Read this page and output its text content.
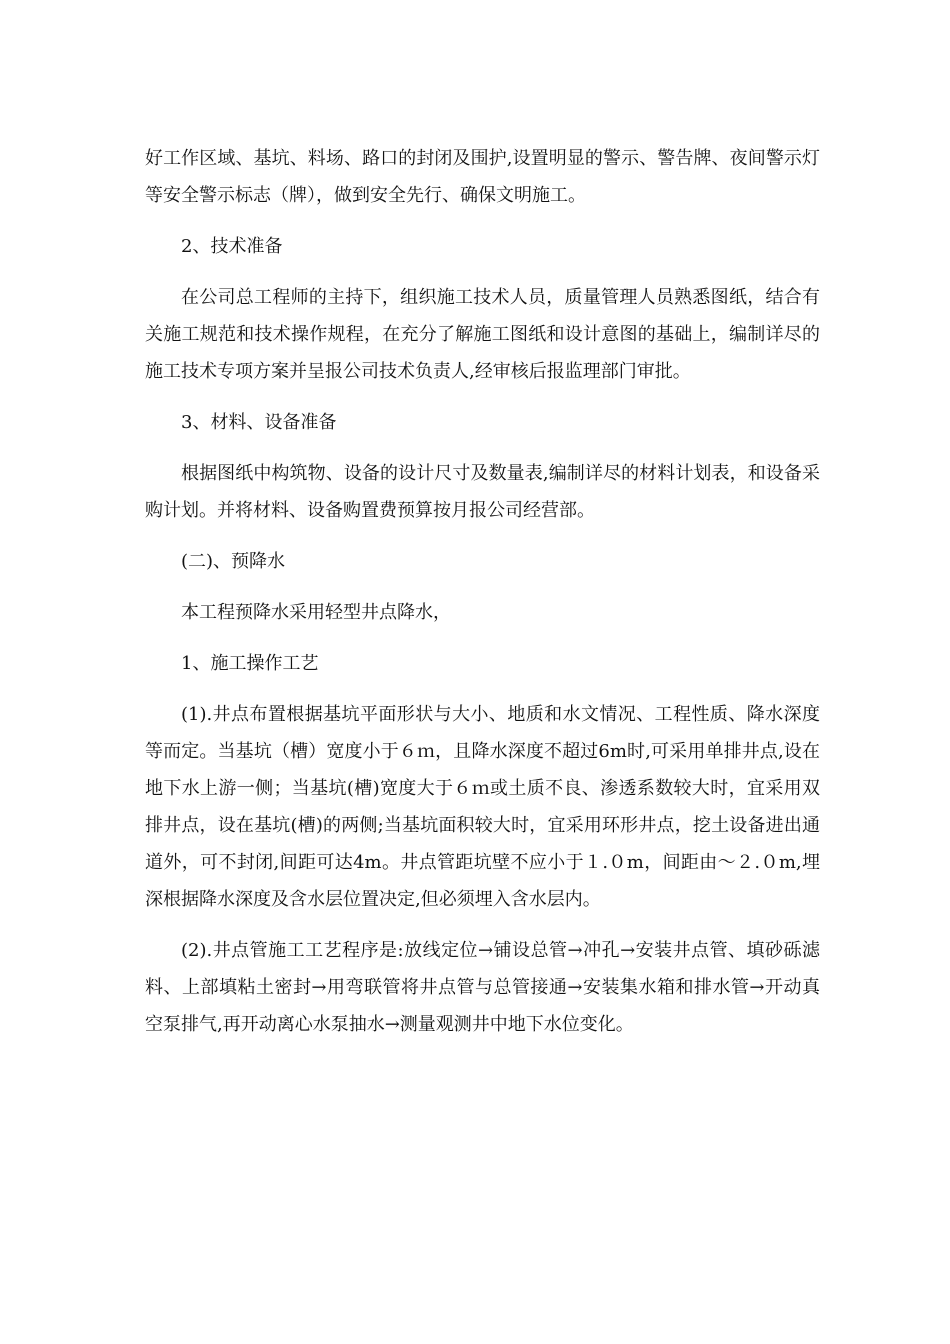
好工作区域、基坑、料场、路口的封闭及围护,设置明显的警示、警告牌、夜间警示灯等安全警示标志（牌），做到安全先行、确保文明施工。

2、技术准备

在公司总工程师的主持下，组织施工技术人员，质量管理人员熟悉图纸，结合有关施工规范和技术操作规程，在充分了解施工图纸和设计意图的基础上，编制详尽的施工技术专项方案并呈报公司技术负责人,经审核后报监理部门审批。

3、材料、设备准备

根据图纸中构筑物、设备的设计尺寸及数量表,编制详尽的材料计划表，和设备采购计划。并将材料、设备购置费预算按月报公司经营部。

(二)、预降水

本工程预降水采用轻型井点降水，

1、施工操作工艺

(1).井点布置根据基坑平面形状与大小、地质和水文情况、工程性质、降水深度等而定。当基坑（槽）宽度小于６ｍ，且降水深度不超过6m时,可采用单排井点,设在地下水上游一侧；当基坑(槽)宽度大于６ｍ或土质不良、渗透系数较大时，宜采用双排井点，设在基坑(槽)的两侧;当基坑面积较大时，宜采用环形井点，挖土设备进出通道外，可不封闭,间距可达4m。井点管距坑壁不应小于１.０m，间距由～２.０m,埋深根据降水深度及含水层位置决定,但必须埋入含水层内。

(2).井点管施工工艺程序是:放线定位→铺设总管→冲孔→安装井点管、填砂砾滤料、上部填粘土密封→用弯联管将井点管与总管接通→安装集水箱和排水管→开动真空泵排气,再开动离心水泵抽水→测量观测井中地下水位变化。
